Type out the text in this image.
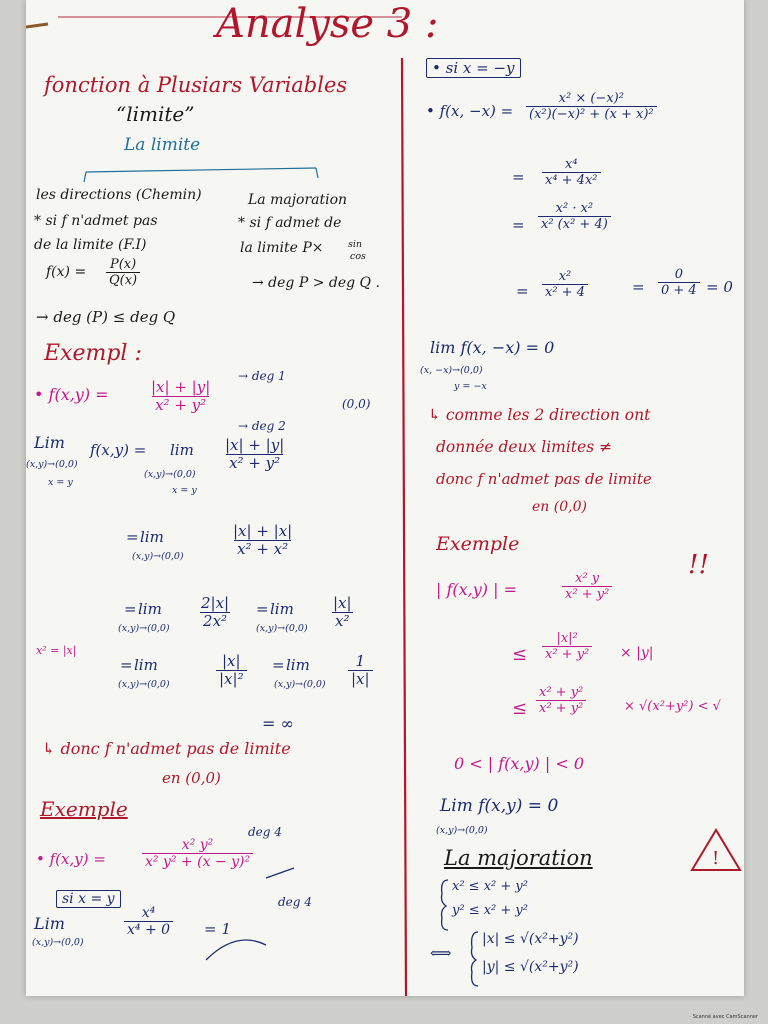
Analyse 3 :
fonction à Plusiars Variables
“limite”
La limite
les directions (Chemin)
* si f n'admet pas
de la limite (F.I)
$f(x) = \frac{P(x)}{Q(x)}$
→ deg (P) ≤ deg Q
La majoration
* si f admet de
la limite P×	sin
cos
→ deg P > deg Q .
Exempl :
• f(x,y) =	$\frac{|x| + |y|}{\text{x² + y²}}$
→ deg 1
→ deg 2
(0,0)
Lim
(x,y)→(0,0)
x = y
f(x,y) = lim
(x,y)→(0,0)
x = y
$\frac{|x| + |y|}{\text{x² + y²}}$
= lim
(x,y)→(0,0)	$\frac{|x| + |x|}{\text{x² + x²}}$
x² = |x|
= lim
$(x,y)\to(0,0) \frac{2|x|}{\text{2x²}} = \lim$
$(x,y)\to(0,0) \frac{|x|}{\text{x²}}$
= lim
(x,y)→(0,0)	$\frac{|x|}{\text{|x|²}} = \lim$
$(x,y)\to(0,0) \frac{1}{|x|}$
= ∞
↳ donc f n'admet pas de limite
en (0,0)
Exemple
• f(x,y) =	$\frac{\text{x² y²}}{\text{x² y² + (x − y)²}}$
deg 4
deg 4
si x = y
Lim
(x,y)→(0,0)
$\frac{\text{x⁴}}{\text{x⁴ + 0}} = 1$
• si x = −y
• f(x, $-x) = \frac{\text{x² × (−x)²}}{\text{(x²)(−x)² + (x + x)²}}$
= $\frac{\text{x⁴}}{\text{x⁴ + 4x²}}$
= $\frac{\text{x² · x²}}{\text{x² (x² + 4)}}$
= $\frac{\text{x²}}{\text{x² + 4}}$	= $\frac{0}{0 + 4} = 0$
lim f(x, −x) = 0
(x, −x)→(0,0)
y = −x
↳ comme les 2 direction ont
donnée deux limites ≠
donc f n'admet pas de limite
en (0,0)
Exemple
!!
| f(x,y) | =	$\frac{\text{x² y}}{\text{x² + y²}}$
≤ $\frac{\text{|x|²}}{\text{x² + y²}} \times |y|$
≤ $\frac{\text{x² + y²}}{\text{x² + y²}}$	× √(x²+y²) < √
0 < | f(x,y) | < 0
Lim f(x,y) = 0
(x,y)→(0,0)
La majoration	!
x² ≤ x² + y²
y² ≤ x² + y²
⟺
|x| ≤ √(x²+y²)
|y| ≤ √(x²+y²)
Scanné avec CamScanner
